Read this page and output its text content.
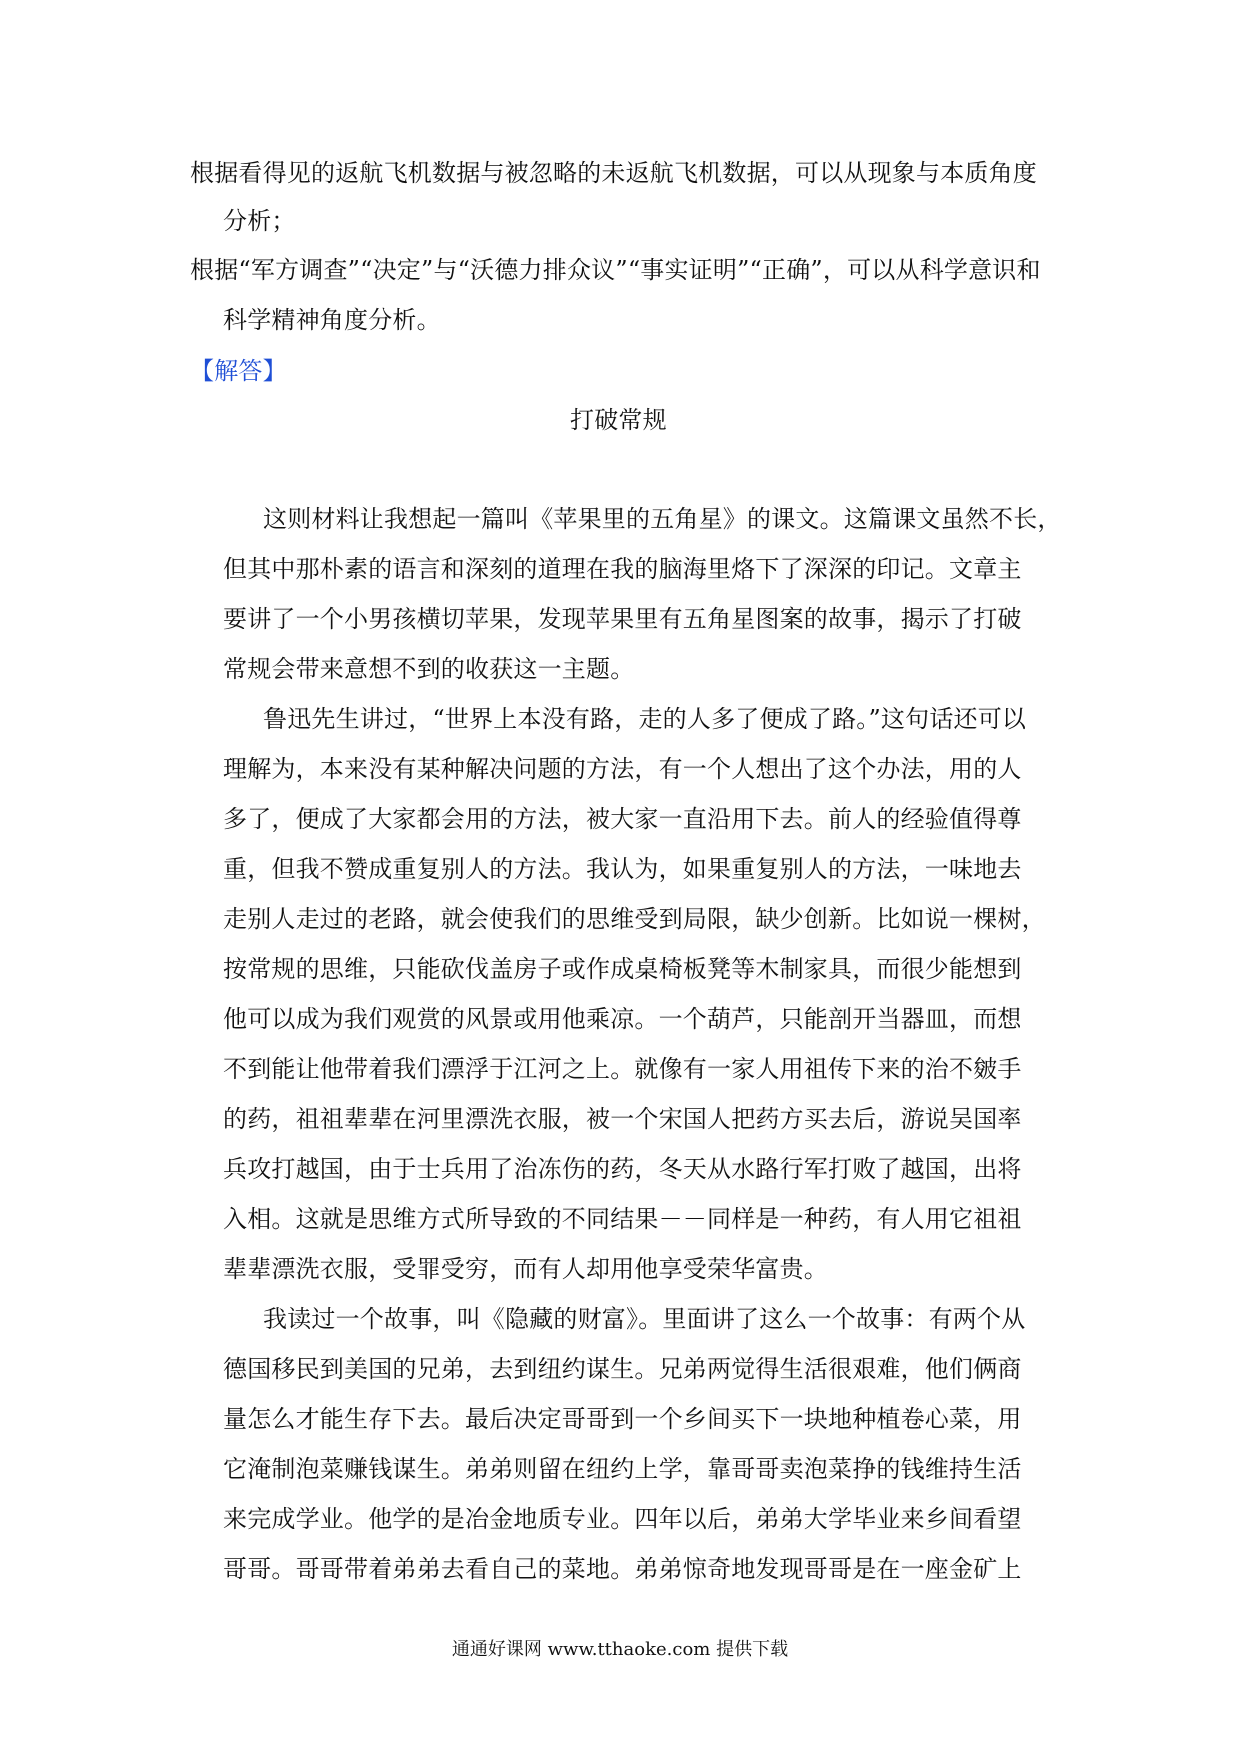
根据看得见的返航飞机数据与被忽略的未返航飞机数据，可以从现象与本质角度
分析；
根据“军方调查”“决定”与“沃德力排众议”“事实证明”“正确”，可以从科学意识和
科学精神角度分析。
【解答】
打破常规
这则材料让我想起一篇叫《苹果里的五角星》的课文。这篇课文虽然不长，
但其中那朴素的语言和深刻的道理在我的脑海里烙下了深深的印记。文章主
要讲了一个小男孩横切苹果，发现苹果里有五角星图案的故事，揭示了打破
常规会带来意想不到的收获这一主题。
鲁迅先生讲过，“世界上本没有路，走的人多了便成了路。”这句话还可以
理解为，本来没有某种解决问题的方法，有一个人想出了这个办法，用的人
多了，便成了大家都会用的方法，被大家一直沿用下去。前人的经验值得尊
重，但我不赞成重复别人的方法。我认为，如果重复别人的方法，一味地去
走别人走过的老路，就会使我们的思维受到局限，缺少创新。比如说一棵树，
按常规的思维，只能砍伐盖房子或作成桌椅板凳等木制家具，而很少能想到
他可以成为我们观赏的风景或用他乘凉。一个葫芦，只能剖开当器皿，而想
不到能让他带着我们漂浮于江河之上。就像有一家人用祖传下来的治不皴手
的药，祖祖辈辈在河里漂洗衣服，被一个宋国人把药方买去后，游说吴国率
兵攻打越国，由于士兵用了治冻伤的药，冬天从水路行军打败了越国，出将
入相。这就是思维方式所导致的不同结果－－同样是一种药，有人用它祖祖
辈辈漂洗衣服，受罪受穷，而有人却用他享受荣华富贵。
我读过一个故事，叫《隐藏的财富》。里面讲了这么一个故事：有两个从
德国移民到美国的兄弟，去到纽约谋生。兄弟两觉得生活很艰难，他们俩商
量怎么才能生存下去。最后决定哥哥到一个乡间买下一块地种植卷心菜，用
它淹制泡菜赚钱谋生。弟弟则留在纽约上学，靠哥哥卖泡菜挣的钱维持生活
来完成学业。他学的是冶金地质专业。四年以后，弟弟大学毕业来乡间看望
哥哥。哥哥带着弟弟去看自己的菜地。弟弟惊奇地发现哥哥是在一座金矿上
通通好课网 www.tthaoke.com 提供下载
